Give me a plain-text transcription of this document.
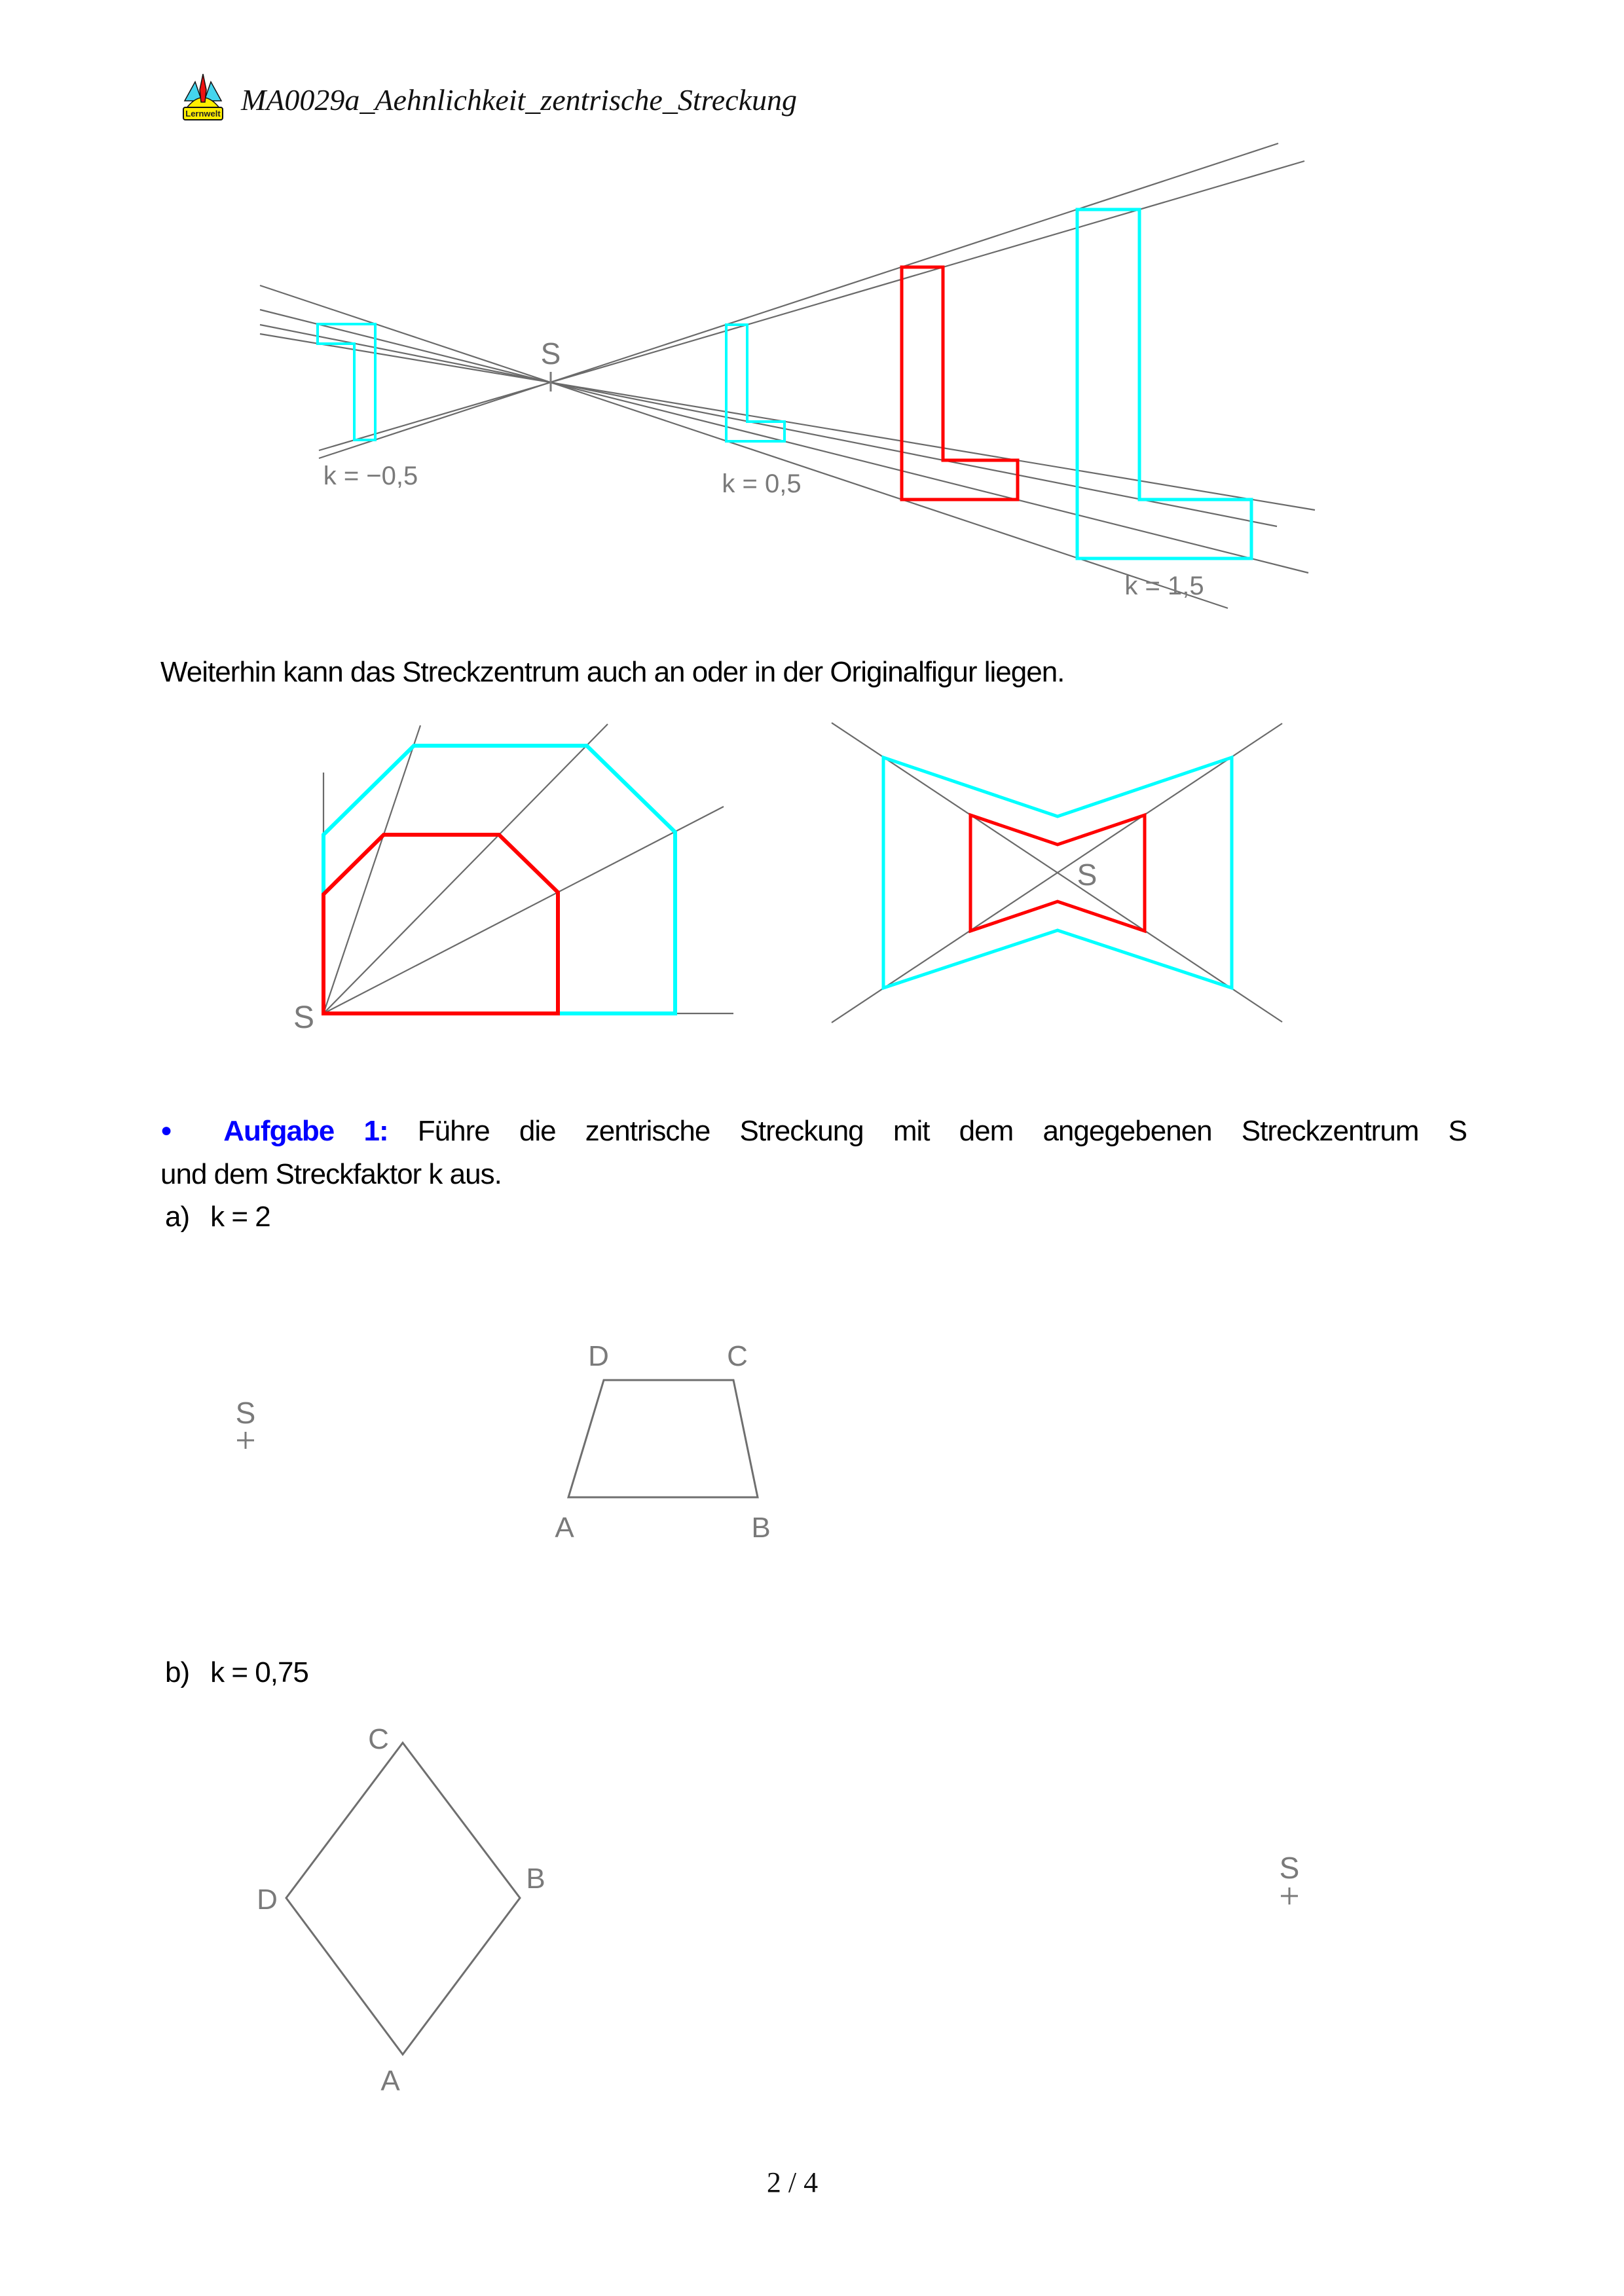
S
k = −0,5	k = 0,5
k = 1,5
S
S
S
D	C
A	B
S
C
B
D
A
Lernwelt MA0029a_Aehnlichkeit_zentrische_Streckung
Weiterhin kann das Streckzentrum auch an oder in der Originalfigur liegen.
● Aufgabe 1: Führe die zentrische Streckung mit dem angegebenen Streckzentrum S
und dem Streckfaktor k aus.
a) k = 2
b) k = 0,75
2 / 4
